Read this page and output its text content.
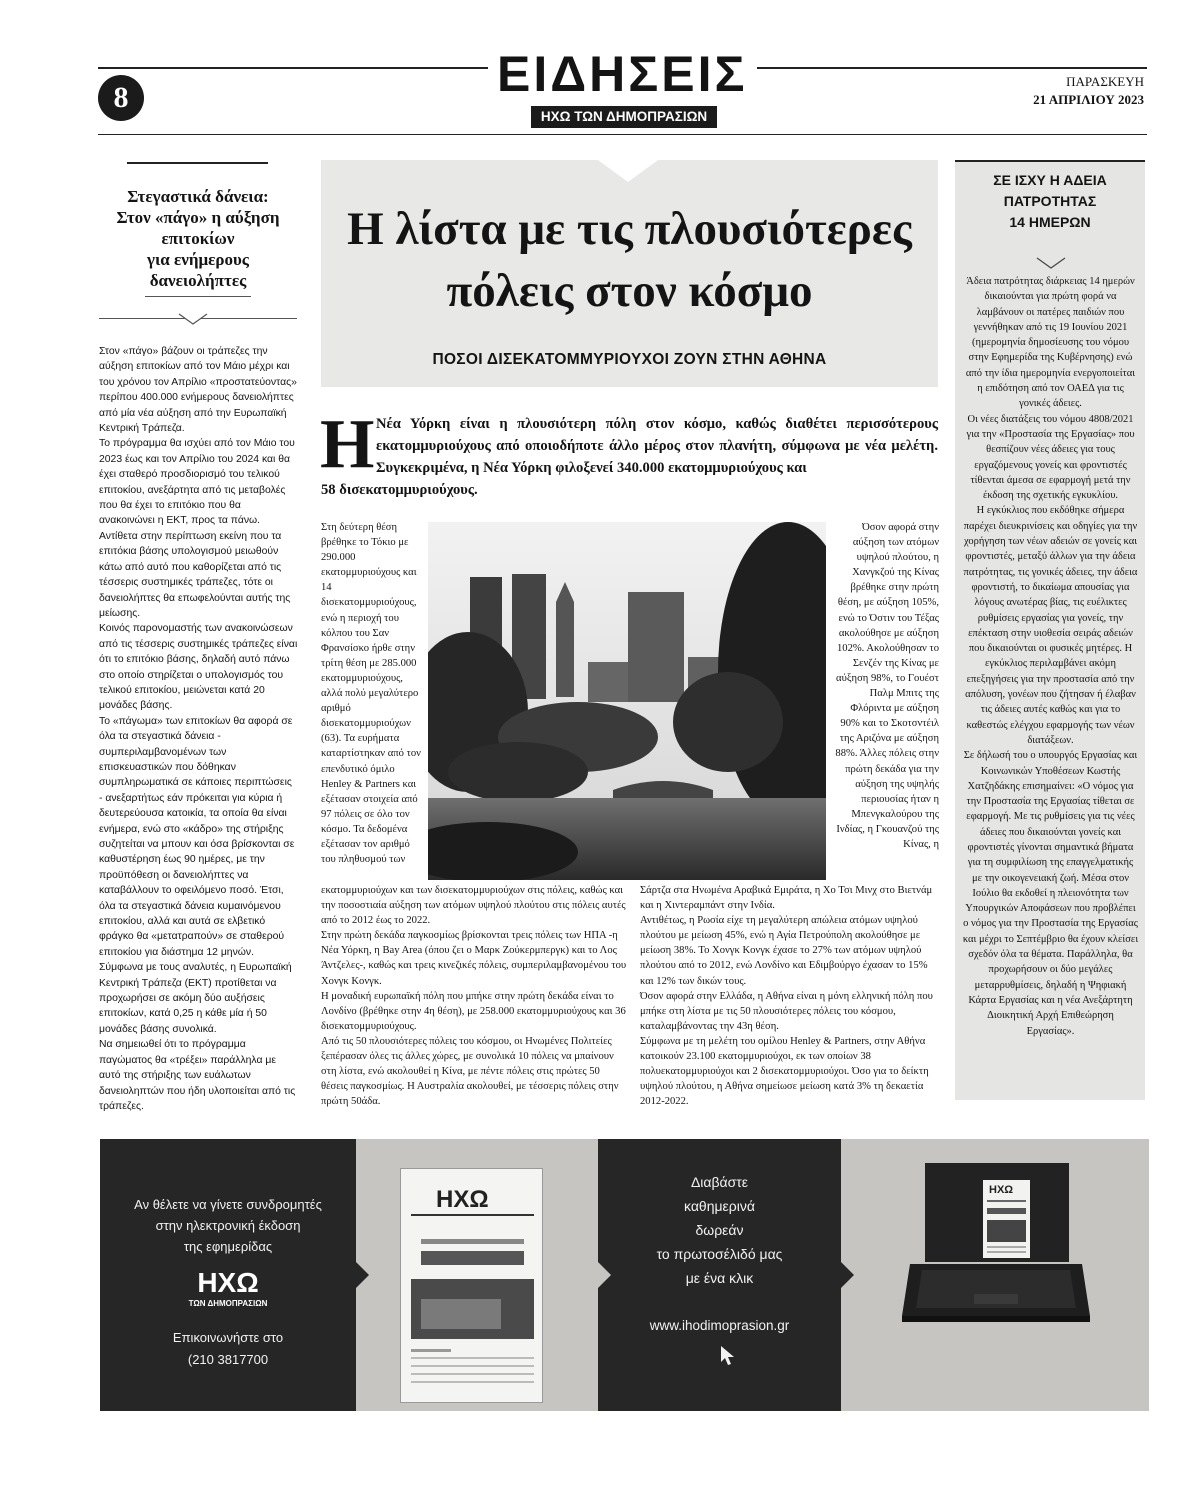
8	ΕΙΔΗΣΕΙΣ
ΗΧΩ ΤΩΝ ΔΗΜΟΠΡΑΣΙΩΝ
ΠΑΡΑΣΚΕΥΗ
21 ΑΠΡΙΛΙΟΥ 2023
Στεγαστικά δάνεια:
Στον «πάγο» η αύξηση
επιτοκίων
για ενήμερους
δανειολήπτες

Στον «πάγο» βάζουν οι τράπεζες την αύξηση επιτοκίων από τον Μάιο μέχρι και του χρόνου τον Απρίλιο «προστατεύοντας» περίπου 400.000 ενήμερους δανειολήπτες από μία νέα αύξηση από την Ευρωπαϊκή Κεντρική Τράπεζα.

Το πρόγραμμα θα ισχύει από τον Μάιο του 2023 έως και τον Απρίλιο του 2024 και θα έχει σταθερό προσδιορισμό του τελικού επιτοκίου, ανεξάρτητα από τις μεταβολές που θα έχει το επιτόκιο που θα ανακοινώνει η ΕΚΤ, προς τα πάνω. Αντίθετα στην περίπτωση εκείνη που τα επιτόκια βάσης υπολογισμού μειωθούν κάτω από αυτό που καθορίζεται από τις τέσσερις συστημικές τράπεζες, τότε οι δανειολήπτες θα επωφελούνται αυτής της μείωσης.

Κοινός παρονομαστής των ανακοινώσεων από τις τέσσερις συστημικές τράπεζες είναι ότι το επιτόκιο βάσης, δηλαδή αυτό πάνω στο οποίο στηρίζεται ο υπολογισμός του τελικού επιτοκίου, μειώνεται κατά 20 μονάδες βάσης.

Το «πάγωμα» των επιτοκίων θα αφορά σε όλα τα στεγαστικά δάνεια - συμπεριλαμβανομένων των επισκευαστικών που δόθηκαν συμπληρωματικά σε κάποιες περιπτώσεις - ανεξαρτήτως εάν πρόκειται για κύρια ή δευτερεύουσα κατοικία, τα οποία θα είναι ενήμερα, ενώ στο «κάδρο» της στήριξης συζητείται να μπουν και όσα βρίσκονται σε καθυστέρηση έως 90 ημέρες, με την προϋπόθεση οι δανειολήπτες να καταβάλλουν το οφειλόμενο ποσό. Έτσι, όλα τα στεγαστικά δάνεια κυμαινόμενου επιτοκίου, αλλά και αυτά σε ελβετικό φράγκο θα «μετατραπούν» σε σταθερού επιτοκίου για διάστημα 12 μηνών. Σύμφωνα με τους αναλυτές, η Ευρωπαϊκή Κεντρική Τράπεζα (ΕΚΤ) προτίθεται να προχωρήσει σε ακόμη δύο αυξήσεις επιτοκίων, κατά 0,25 η κάθε μία ή 50 μονάδες βάσης συνολικά.

Να σημειωθεί ότι το πρόγραμμα παγώματος θα «τρέξει» παράλληλα με αυτό της στήριξης των ευάλωτων δανειοληπτών που ήδη υλοποιείται από τις τράπεζες.

Η λίστα με τις πλουσιότερες
πόλεις στον κόσμο
ΠΟΣΟΙ ΔΙΣΕΚΑΤΟΜΜΥΡΙΟΥΧΟΙ ΖΟΥΝ ΣΤΗΝ ΑΘΗΝΑ
Η Νέα Υόρκη είναι η πλουσιότερη πόλη στον κόσμο, καθώς διαθέτει περισσότερους εκατομμυριούχους από οποιοδήποτε άλλο μέρος στον πλανήτη, σύμφωνα με νέα μελέτη. Συγκεκριμένα, η Νέα Υόρκη φιλοξενεί 340.000 εκατομμυριούχους και
58 δισεκατομμυριούχους.
Στη δεύτερη θέση βρέθηκε το Τόκιο με 290.000 εκατομμυριούχους και 14 δισεκατομμυριούχους, ενώ η περιοχή του κόλπου του Σαν Φρανσίσκο ήρθε στην τρίτη θέση με 285.000 εκατομμυριούχους, αλλά πολύ μεγαλύτερο αριθμό δισεκατομμυριούχων (63). Τα ευρήματα καταρτίστηκαν από τον επενδυτικό όμιλο Henley & Partners και εξέτασαν στοιχεία από 97 πόλεις σε όλο τον κόσμο. Τα δεδομένα εξέτασαν τον αριθμό του πληθυσμού των
Όσον αφορά στην αύξηση των ατόμων υψηλού πλούτου, η Χανγκζού της Κίνας βρέθηκε στην πρώτη θέση, με αύξηση 105%, ενώ το Όστιν του Τέξας ακολούθησε με αύξηση 102%. Ακολούθησαν το Σενζέν της Κίνας με αύξηση 98%, το Γουέστ Παλμ Μπιτς της Φλόριντα με αύξηση 90% και το Σκοτσντέιλ της Αριζόνα με αύξηση 88%. Άλλες πόλεις στην πρώτη δεκάδα για την αύξηση της υψηλής περιουσίας ήταν η Μπενγκαλούρου της Ινδίας, η Γκουανζού της Κίνας, η

εκατομμυριούχων και των δισεκατομμυριούχων στις πόλεις, καθώς και την ποσοστιαία αύξηση των ατόμων υψηλού πλούτου στις πόλεις αυτές από το 2012 έως το 2022.

Στην πρώτη δεκάδα παγκοσμίως βρίσκονται τρεις πόλεις των ΗΠΑ -η Νέα Υόρκη, η Bay Area (όπου ζει ο Μαρκ Ζούκερμπεργκ) και το Λος Άντζελες-, καθώς και τρεις κινεζικές πόλεις, συμπεριλαμβανομένου του Χονγκ Κονγκ.

Η μοναδική ευρωπαϊκή πόλη που μπήκε στην πρώτη δεκάδα είναι το Λονδίνο (βρέθηκε στην 4η θέση), με 258.000 εκατομμυριούχους και 36 δισεκατομμυριούχους.

Από τις 50 πλουσιότερες πόλεις του κόσμου, οι Ηνωμένες Πολιτείες ξεπέρασαν όλες τις άλλες χώρες, με συνολικά 10 πόλεις να μπαίνουν στη λίστα, ενώ ακολουθεί η Κίνα, με πέντε πόλεις στις πρώτες 50 θέσεις παγκοσμίως. Η Αυστραλία ακολουθεί, με τέσσερις πόλεις στην πρώτη 50άδα.

Σάρτζα στα Ηνωμένα Αραβικά Εμιράτα, η Χο Τσι Μινχ στο Βιετνάμ και η Χιντεραμπάντ στην Ινδία.

Αντιθέτως, η Ρωσία είχε τη μεγαλύτερη απώλεια ατόμων υψηλού πλούτου με μείωση 45%, ενώ η Αγία Πετρούπολη ακολούθησε με μείωση 38%. Το Χονγκ Κονγκ έχασε το 27% των ατόμων υψηλού πλούτου από το 2012, ενώ Λονδίνο και Εδιμβούργο έχασαν το 15% και 12% των δικών τους.

Όσον αφορά στην Ελλάδα, η Αθήνα είναι η μόνη ελληνική πόλη που μπήκε στη λίστα με τις 50 πλουσιότερες πόλεις του κόσμου, καταλαμβάνοντας την 43η θέση.

Σύμφωνα με τη μελέτη του ομίλου Henley & Partners, στην Αθήνα κατοικούν 23.100 εκατομμυριούχοι, εκ των οποίων 38 πολυεκατομμυριούχοι και 2 δισεκατομμυριούχοι. Όσο για το δείκτη υψηλού πλούτου, η Αθήνα σημείωσε μείωση κατά 3% τη δεκαετία 2012-2022.

ΣΕ ΙΣΧΥ Η ΑΔΕΙΑ
ΠΑΤΡΟΤΗΤΑΣ
14 ΗΜΕΡΩΝ

Άδεια πατρότητας διάρκειας 14 ημερών δικαιούνται για πρώτη φορά να λαμβάνουν οι πατέρες παιδιών που γεννήθηκαν από τις 19 Ιουνίου 2021 (ημερομηνία δημοσίευσης του νόμου στην Εφημερίδα της Κυβέρνησης) ενώ από την ίδια ημερομηνία ενεργοποιείται η επιδότηση από τον ΟΑΕΔ για τις γονικές άδειες.

Οι νέες διατάξεις του νόμου 4808/2021 για την «Προστασία της Εργασίας» που θεσπίζουν νέες άδειες για τους εργαζόμενους γονείς και φροντιστές τίθενται άμεσα σε εφαρμογή μετά την έκδοση της σχετικής εγκυκλίου.

Η εγκύκλιος που εκδόθηκε σήμερα παρέχει διευκρινίσεις και οδηγίες για την χορήγηση των νέων αδειών σε γονείς και φροντιστές, μεταξύ άλλων για την άδεια πατρότητας, τις γονικές άδειες, την άδεια φροντιστή, το δικαίωμα απουσίας για λόγους ανωτέρας βίας, τις ευέλικτες ρυθμίσεις εργασίας για γονείς, την επέκταση στην υιοθεσία σειράς αδειών που δικαιούνται οι φυσικές μητέρες. Η εγκύκλιος περιλαμβάνει ακόμη επεξηγήσεις για την προστασία από την απόλυση, γονέων που ζήτησαν ή έλαβαν τις άδειες αυτές καθώς και για το καθεστώς ελέγχου εφαρμογής των νέων διατάξεων.

Σε δήλωσή του ο υπουργός Εργασίας και Κοινωνικών Υποθέσεων Κωστής Χατζηδάκης επισημαίνει: «Ο νόμος για την Προστασία της Εργασίας τίθεται σε εφαρμογή. Με τις ρυθμίσεις για τις νέες άδειες που δικαιούνται γονείς και φροντιστές γίνονται σημαντικά βήματα για τη συμφιλίωση της επαγγελματικής με την οικογενειακή ζωή. Μέσα στον Ιούλιο θα εκδοθεί η πλειονότητα των Υπουργικών Αποφάσεων που προβλέπει ο νόμος για την Προστασία της Εργασίας και μέχρι το Σεπτέμβριο θα έχουν κλείσει σχεδόν όλα τα θέματα. Παράλληλα, θα προχωρήσουν οι δύο μεγάλες μεταρρυθμίσεις, δηλαδή η Ψηφιακή Κάρτα Εργασίας και η νέα Ανεξάρτητη Διοικητική Αρχή Επιθεώρηση Εργασίας».

Αν θέλετε να γίνετε συνδρομητές
στην ηλεκτρονική έκδοση
της εφημερίδας
ΗΧΩ
ΤΩΝ ΔΗΜΟΠΡΑΣΙΩΝ
Επικοινωνήστε στο
(210 3817700
ΗΧΩ
Διαβάστε
καθημερινά
δωρεάν
το πρωτοσέλιδό μας
με ένα κλικ
www.ihodimoprasion.gr
ΗΧΩ
